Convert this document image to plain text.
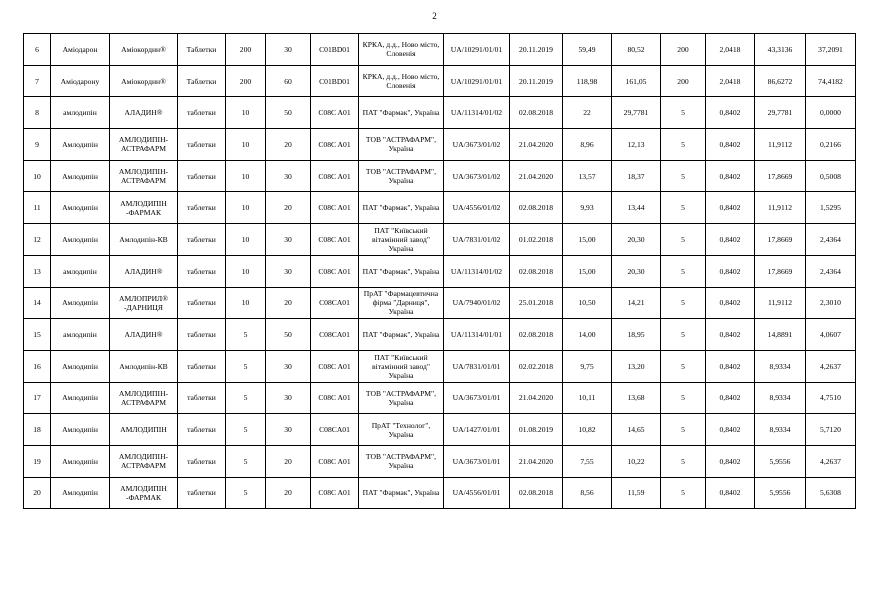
2
6	Аміодарон	Аміокордин®	Таблетки	200	30	C01BD01	КРКА, д.д., Ново місто, Словенія	UA/10291/01/01	20.11.2019	59,49	80,52	200	2,0418	43,3136	37,2091
7	Аміодарону	Аміокордин®	Таблетки	200	60	C01BD01	КРКА, д.д., Ново місто, Словенія	UA/10291/01/01	20.11.2019	118,98	161,05	200	2,0418	86,6272	74,4182
8	амлодипін	АЛАДИН®	таблетки	10	50	C08C A01	ПАТ "Фармак", Україна	UA/11314/01/02	02.08.2018	22	29,7781	5	0,8402	29,7781	0,0000
9	Амлодипін	АМЛОДИПІН-АСТРАФАРМ	таблетки	10	20	C08C A01	ТОВ "АСТРАФАРМ", Україна	UA/3673/01/02	21.04.2020	8,96	12,13	5	0,8402	11,9112	0,2166
10	Амлодипін	АМЛОДИПІН-АСТРАФАРМ	таблетки	10	30	C08C A01	ТОВ "АСТРАФАРМ", Україна	UA/3673/01/02	21.04.2020	13,57	18,37	5	0,8402	17,8669	0,5008
11	Амлодипін	АМЛОДИПІН -ФАРМАК	таблетки	10	20	C08C A01	ПАТ "Фармак", Україна	UA/4556/01/02	02.08.2018	9,93	13,44	5	0,8402	11,9112	1,5295
12	Амлодипін	Амлодипін-КВ	таблетки	10	30	C08C A01	ПАТ "Київський вітамінний завод" Україна	UA/7831/01/02	01.02.2018	15,00	20,30	5	0,8402	17,8669	2,4364
13	амлодипін	АЛАДИН®	таблетки	10	30	C08C A01	ПАТ "Фармак", Україна	UA/11314/01/02	02.08.2018	15,00	20,30	5	0,8402	17,8669	2,4364
14	Амлодипін	АМЛОПРИЛ® -ДАРНИЦЯ	таблетки	10	20	C08CA01	ПрАТ "Фармацевтична фірма "Дарниця", Україна	UA/7940/01/02	25.01.2018	10,50	14,21	5	0,8402	11,9112	2,3010
15	амлодипін	АЛАДИН®	таблетки	5	50	C08CA01	ПАТ "Фармак", Україна	UA/11314/01/01	02.08.2018	14,00	18,95	5	0,8402	14,8891	4,0607
16	Амлодипін	Амлодипін-КВ	таблетки	5	30	C08C A01	ПАТ "Київський вітамінний завод" Україна	UA/7831/01/01	02.02.2018	9,75	13,20	5	0,8402	8,9334	4,2637
17	Амлодипін	АМЛОДИПІН-АСТРАФАРМ	таблетки	5	30	C08C A01	ТОВ "АСТРАФАРМ", Україна	UA/3673/01/01	21.04.2020	10,11	13,68	5	0,8402	8,9334	4,7510
18	Амлодипін	АМЛОДИПІН	таблетки	5	30	C08CA01	ПрАТ "Технолог", Україна	UA/1427/01/01	01.08.2019	10,82	14,65	5	0,8402	8,9334	5,7120
19	Амлодипін	АМЛОДИПІН-АСТРАФАРМ	таблетки	5	20	C08C A01	ТОВ "АСТРАФАРМ", Україна	UA/3673/01/01	21.04.2020	7,55	10,22	5	0,8402	5,9556	4,2637
20	Амлодипін	АМЛОДИПІН -ФАРМАК	таблетки	5	20	C08C A01	ПАТ "Фармак", Україна	UA/4556/01/01	02.08.2018	8,56	11,59	5	0,8402	5,9556	5,6308
